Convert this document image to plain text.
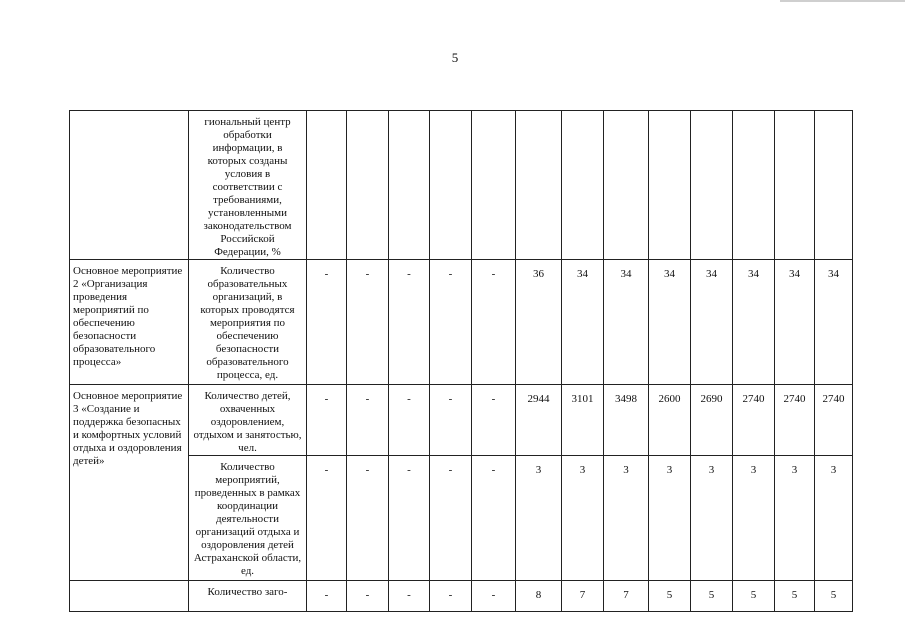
5
	гиональный центр обработки информации, в которых созданы условия в соответствии с требованиями, установленными законодательством Российской Федерации, %													
Основное мероприятие 2 «Организация проведения мероприятий по обеспечению безопасности образовательного процесса»	Количество образовательных организаций, в которых проводятся мероприятия по обеспечению безопасности образовательного процесса, ед.	-	-	-	-	-	36	34	34	34	34	34	34	34
Основное мероприятие 3 «Создание и поддержка безопасных и комфортных условий отдыха и оздоровления детей»	Количество детей, охваченных оздоровлением, отдыхом и занятостью, чел.	-	-	-	-	-	2944	3101	3498	2600	2690	2740	2740	2740
	Количество мероприятий, проведенных в рамках координации деятельности организаций отдыха и оздоровления детей Астраханской области, ед.	-	-	-	-	-	3	3	3	3	3	3	3	3
	Количество заго-	-	-	-	-	-	8	7	7	5	5	5	5	5
